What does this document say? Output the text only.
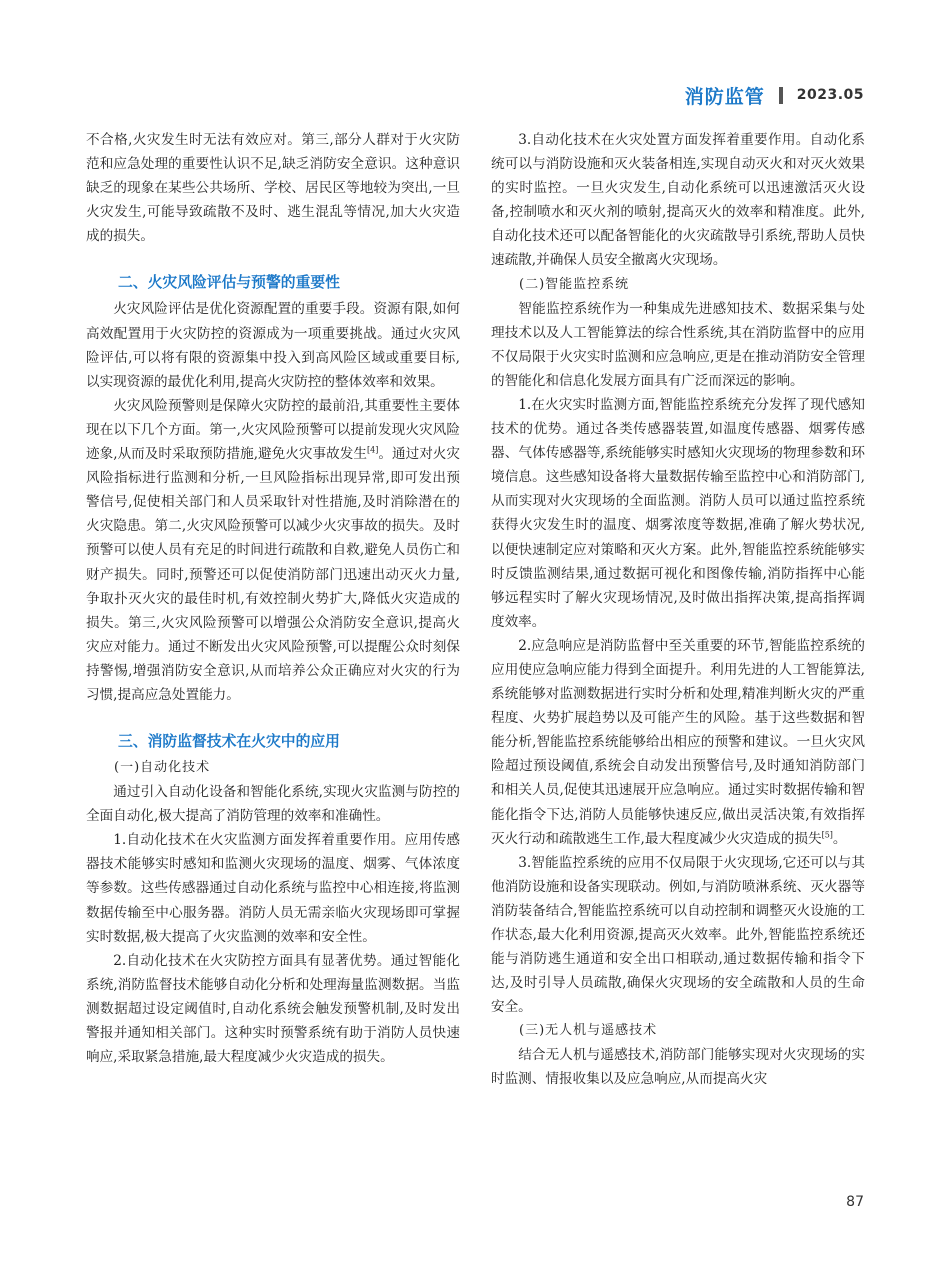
消防监管 2023.05

不合格,火灾发生时无法有效应对。第三,部分人群对于火灾防范和应急处理的重要性认识不足,缺乏消防安全意识。这种意识缺乏的现象在某些公共场所、学校、居民区等地较为突出,一旦火灾发生,可能导致疏散不及时、逃生混乱等情况,加大火灾造成的损失。

二、火灾风险评估与预警的重要性

火灾风险评估是优化资源配置的重要手段。资源有限,如何高效配置用于火灾防控的资源成为一项重要挑战。通过火灾风险评估,可以将有限的资源集中投入到高风险区域或重要目标,以实现资源的最优化利用,提高火灾防控的整体效率和效果。

火灾风险预警则是保障火灾防控的最前沿,其重要性主要体现在以下几个方面。第一,火灾风险预警可以提前发现火灾风险迹象,从而及时采取预防措施,避免火灾事故发生[4]。通过对火灾风险指标进行监测和分析,一旦风险指标出现异常,即可发出预警信号,促使相关部门和人员采取针对性措施,及时消除潜在的火灾隐患。第二,火灾风险预警可以减少火灾事故的损失。及时预警可以使人员有充足的时间进行疏散和自救,避免人员伤亡和财产损失。同时,预警还可以促使消防部门迅速出动灭火力量,争取扑灭火灾的最佳时机,有效控制火势扩大,降低火灾造成的损失。第三,火灾风险预警可以增强公众消防安全意识,提高火灾应对能力。通过不断发出火灾风险预警,可以提醒公众时刻保持警惕,增强消防安全意识,从而培养公众正确应对火灾的行为习惯,提高应急处置能力。

三、消防监督技术在火灾中的应用
(一)自动化技术

通过引入自动化设备和智能化系统,实现火灾监测与防控的全面自动化,极大提高了消防管理的效率和准确性。

1.自动化技术在火灾监测方面发挥着重要作用。应用传感器技术能够实时感知和监测火灾现场的温度、烟雾、气体浓度等参数。这些传感器通过自动化系统与监控中心相连接,将监测数据传输至中心服务器。消防人员无需亲临火灾现场即可掌握实时数据,极大提高了火灾监测的效率和安全性。

2.自动化技术在火灾防控方面具有显著优势。通过智能化系统,消防监督技术能够自动化分析和处理海量监测数据。当监测数据超过设定阈值时,自动化系统会触发预警机制,及时发出警报并通知相关部门。这种实时预警系统有助于消防人员快速响应,采取紧急措施,最大程度减少火灾造成的损失。

3.自动化技术在火灾处置方面发挥着重要作用。自动化系统可以与消防设施和灭火装备相连,实现自动灭火和对灭火效果的实时监控。一旦火灾发生,自动化系统可以迅速激活灭火设备,控制喷水和灭火剂的喷射,提高灭火的效率和精准度。此外,自动化技术还可以配备智能化的火灾疏散导引系统,帮助人员快速疏散,并确保人员安全撤离火灾现场。

(二)智能监控系统

智能监控系统作为一种集成先进感知技术、数据采集与处理技术以及人工智能算法的综合性系统,其在消防监督中的应用不仅局限于火灾实时监测和应急响应,更是在推动消防安全管理的智能化和信息化发展方面具有广泛而深远的影响。

1.在火灾实时监测方面,智能监控系统充分发挥了现代感知技术的优势。通过各类传感器装置,如温度传感器、烟雾传感器、气体传感器等,系统能够实时感知火灾现场的物理参数和环境信息。这些感知设备将大量数据传输至监控中心和消防部门,从而实现对火灾现场的全面监测。消防人员可以通过监控系统获得火灾发生时的温度、烟雾浓度等数据,准确了解火势状况,以便快速制定应对策略和灭火方案。此外,智能监控系统能够实时反馈监测结果,通过数据可视化和图像传输,消防指挥中心能够远程实时了解火灾现场情况,及时做出指挥决策,提高指挥调度效率。

2.应急响应是消防监督中至关重要的环节,智能监控系统的应用使应急响应能力得到全面提升。利用先进的人工智能算法,系统能够对监测数据进行实时分析和处理,精准判断火灾的严重程度、火势扩展趋势以及可能产生的风险。基于这些数据和智能分析,智能监控系统能够给出相应的预警和建议。一旦火灾风险超过预设阈值,系统会自动发出预警信号,及时通知消防部门和相关人员,促使其迅速展开应急响应。通过实时数据传输和智能化指令下达,消防人员能够快速反应,做出灵活决策,有效指挥灭火行动和疏散逃生工作,最大程度减少火灾造成的损失[5]。

3.智能监控系统的应用不仅局限于火灾现场,它还可以与其他消防设施和设备实现联动。例如,与消防喷淋系统、灭火器等消防装备结合,智能监控系统可以自动控制和调整灭火设施的工作状态,最大化利用资源,提高灭火效率。此外,智能监控系统还能与消防逃生通道和安全出口相联动,通过数据传输和指令下达,及时引导人员疏散,确保火灾现场的安全疏散和人员的生命安全。

(三)无人机与遥感技术

结合无人机与遥感技术,消防部门能够实现对火灾现场的实时监测、情报收集以及应急响应,从而提高火灾

87
